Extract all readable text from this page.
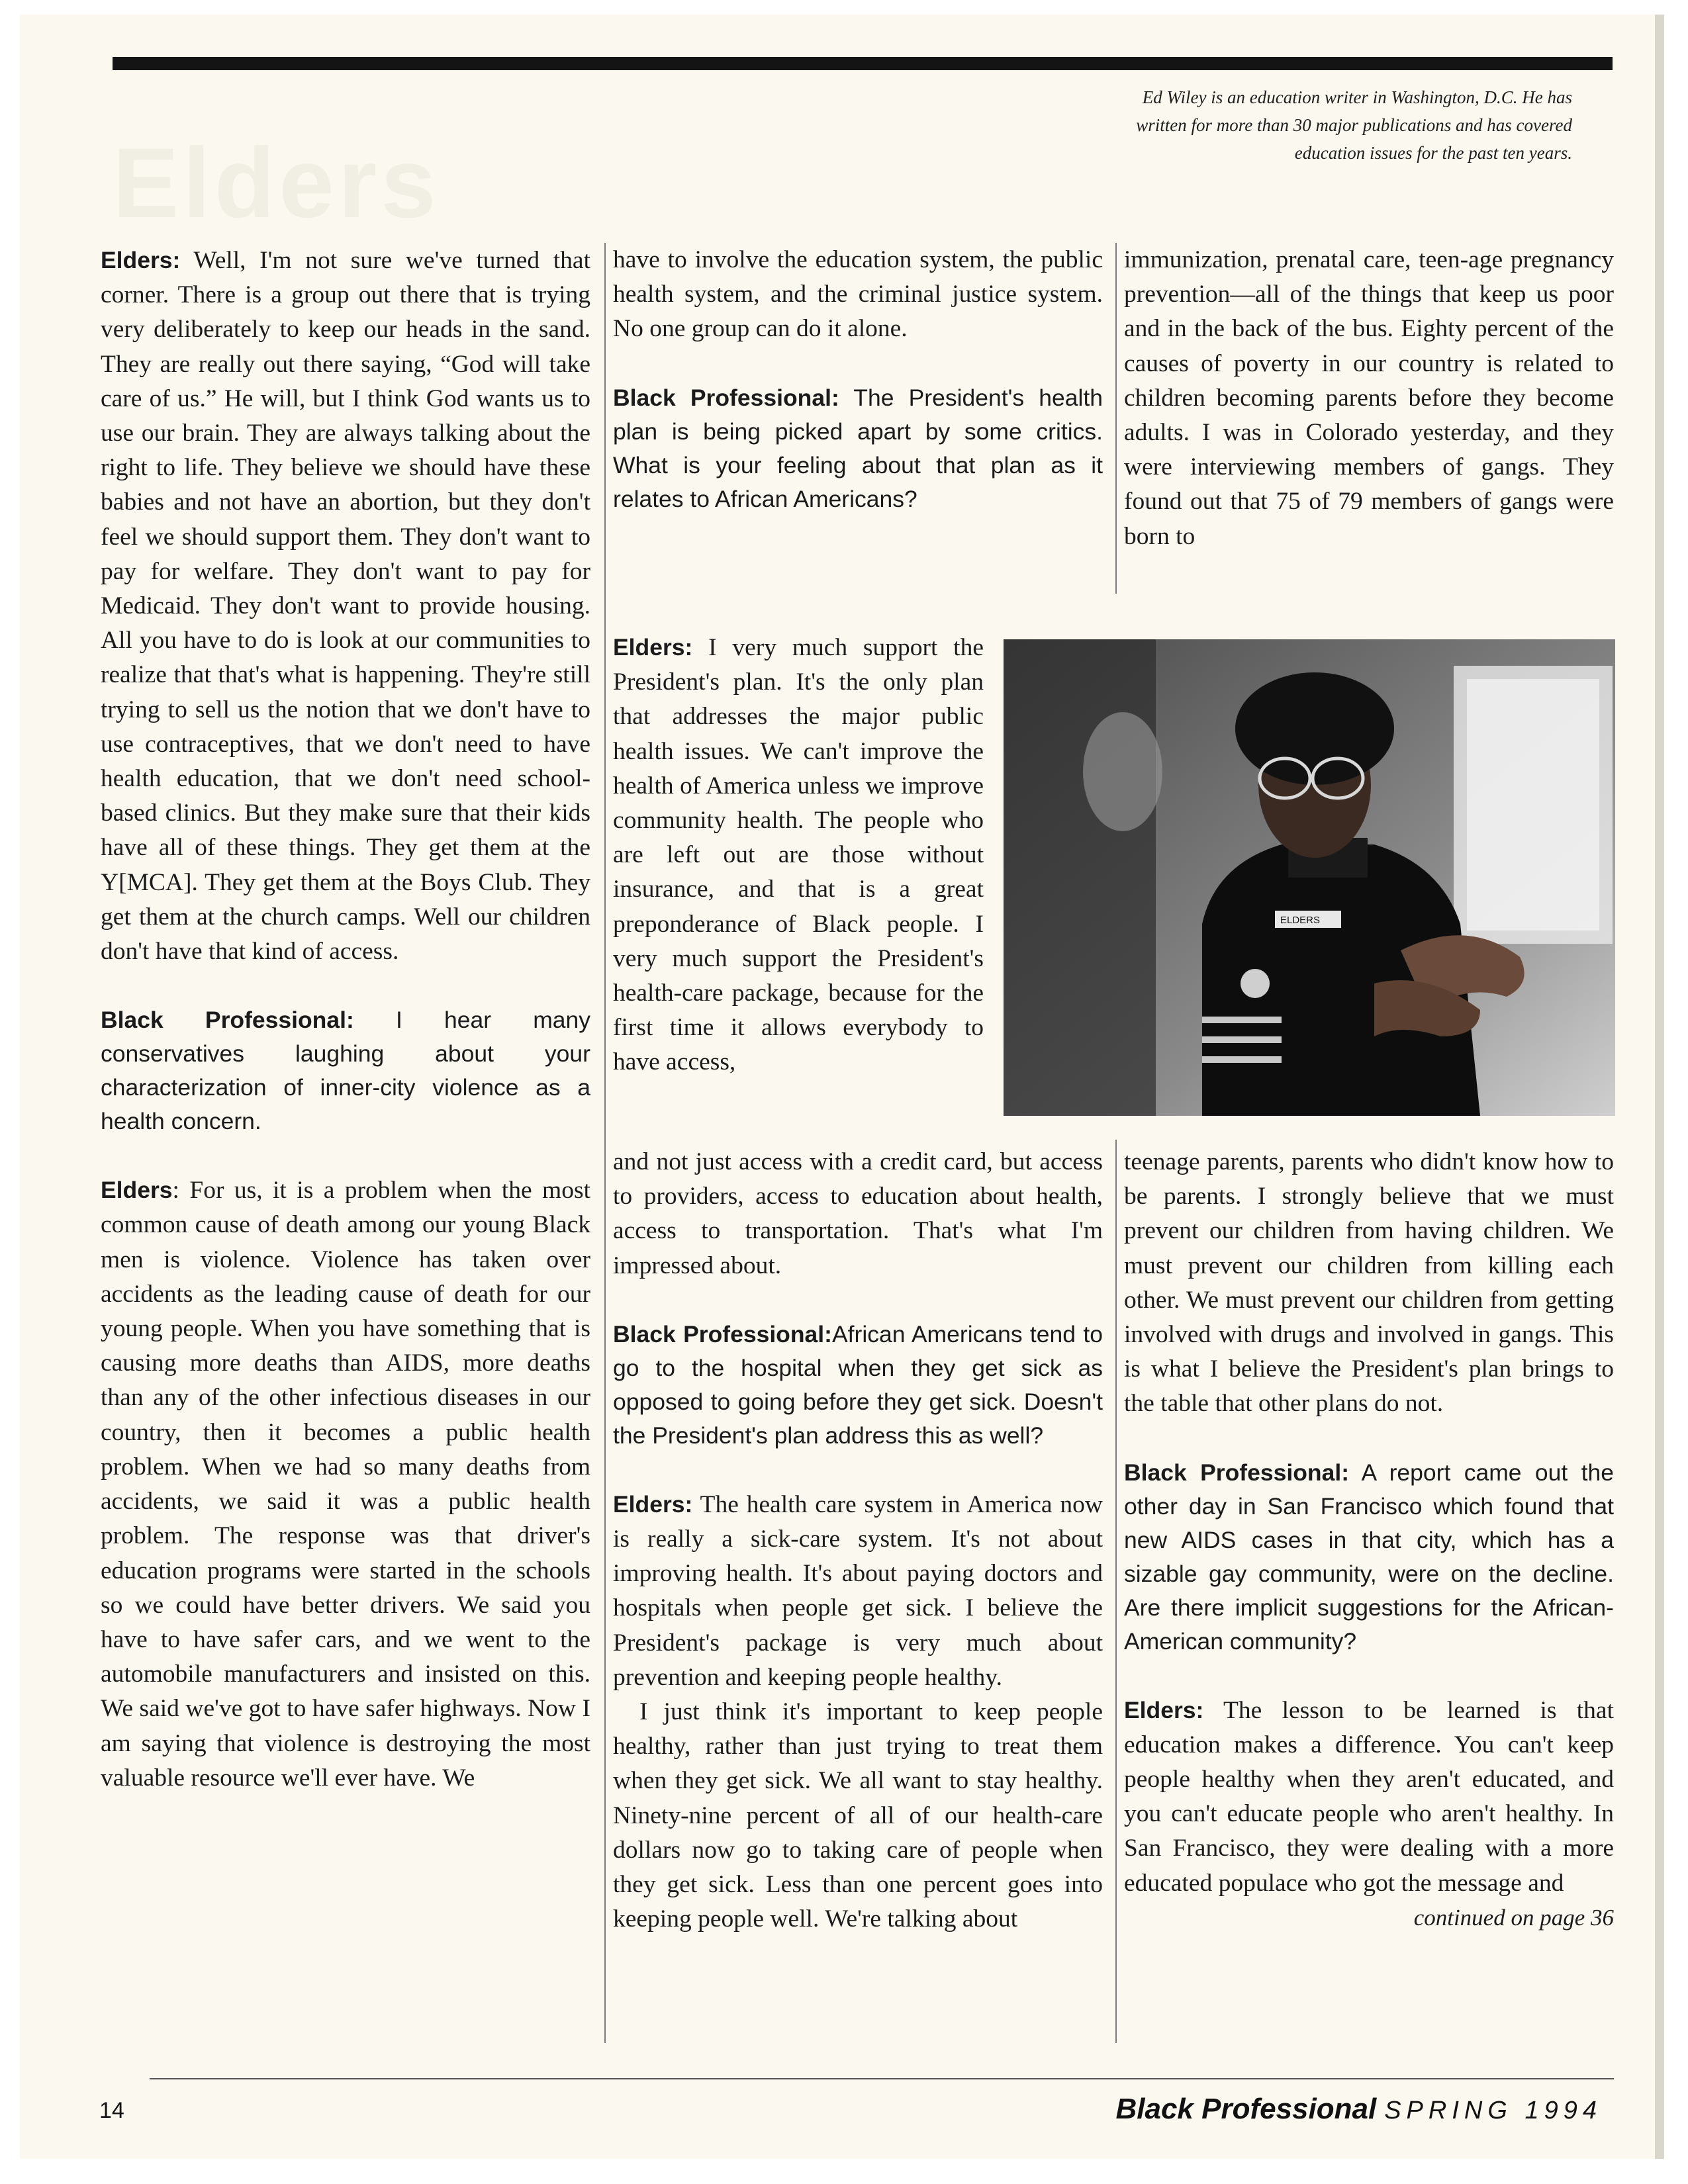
Elders

Ed Wiley is an education writer in Washington, D.C. He has written for more than 30 major publications and has covered education issues for the past ten years.

Elders: Well, I'm not sure we've turned that corner. There is a group out there that is trying very deliberately to keep our heads in the sand. They are really out there saying, “God will take care of us.” He will, but I think God wants us to use our brain. They are always talking about the right to life. They believe we should have these babies and not have an abortion, but they don't feel we should support them. They don't want to pay for welfare. They don't want to pay for Medicaid. They don't want to provide housing. All you have to do is look at our communities to realize that that's what is happening. They're still trying to sell us the notion that we don't have to use contraceptives, that we don't need to have health education, that we don't need school-based clinics. But they make sure that their kids have all of these things. They get them at the Y[MCA]. They get them at the Boys Club. They get them at the church camps. Well our children don't have that kind of access.

Black Professional: I hear many conservatives laughing about your characterization of inner-city violence as a health concern.

Elders: For us, it is a problem when the most common cause of death among our young Black men is violence. Violence has taken over accidents as the leading cause of death for our young people. When you have something that is causing more deaths than AIDS, more deaths than any of the other infectious diseases in our country, then it becomes a public health problem. When we had so many deaths from accidents, we said it was a public health problem. The response was that driver's education programs were started in the schools so we could have better drivers. We said you have to have safer cars, and we went to the automobile manufacturers and insisted on this. We said we've got to have safer highways. Now I am saying that violence is destroying the most valuable resource we'll ever have. We

have to involve the education system, the public health system, and the criminal justice system. No one group can do it alone.

Black Professional: The President's health plan is being picked apart by some critics. What is your feeling about that plan as it relates to African Americans?

Elders: I very much support the President's plan. It's the only plan that addresses the major public health issues. We can't improve the health of America unless we improve community health. The people who are left out are those without insurance, and that is a great preponderance of Black people. I very much support the President's health-care package, because for the first time it allows everybody to have access,

and not just access with a credit card, but access to providers, access to education about health, access to transportation. That's what I'm impressed about.

Black Professional:African Americans tend to go to the hospital when they get sick as opposed to going before they get sick. Doesn't the President's plan address this as well?

Elders: The health care system in America now is really a sick-care system. It's not about improving health. It's about paying doctors and hospitals when people get sick. I believe the President's package is very much about prevention and keeping people healthy.

I just think it's important to keep people healthy, rather than just trying to treat them when they get sick. We all want to stay healthy. Ninety-nine percent of all of our health-care dollars now go to taking care of people when they get sick. Less than one percent goes into keeping people well. We're talking about

immunization, prenatal care, teen-age pregnancy prevention—all of the things that keep us poor and in the back of the bus. Eighty percent of the causes of poverty in our country is related to children becoming parents before they become adults. I was in Colorado yesterday, and they were interviewing members of gangs. They found out that 75 of 79 members of gangs were born to

ELDERS

teenage parents, parents who didn't know how to be parents. I strongly believe that we must prevent our children from having children. We must prevent our children from killing each other. We must prevent our children from getting involved with drugs and involved in gangs. This is what I believe the President's plan brings to the table that other plans do not.

Black Professional: A report came out the other day in San Francisco which found that new AIDS cases in that city, which has a sizable gay community, were on the decline. Are there implicit suggestions for the African-American community?

Elders: The lesson to be learned is that education makes a difference. You can't keep people healthy when they aren't educated, and you can't educate people who aren't healthy. In San Francisco, they were dealing with a more educated populace who got the message and

continued on page 36

14	Black Professional SPRING 1994
